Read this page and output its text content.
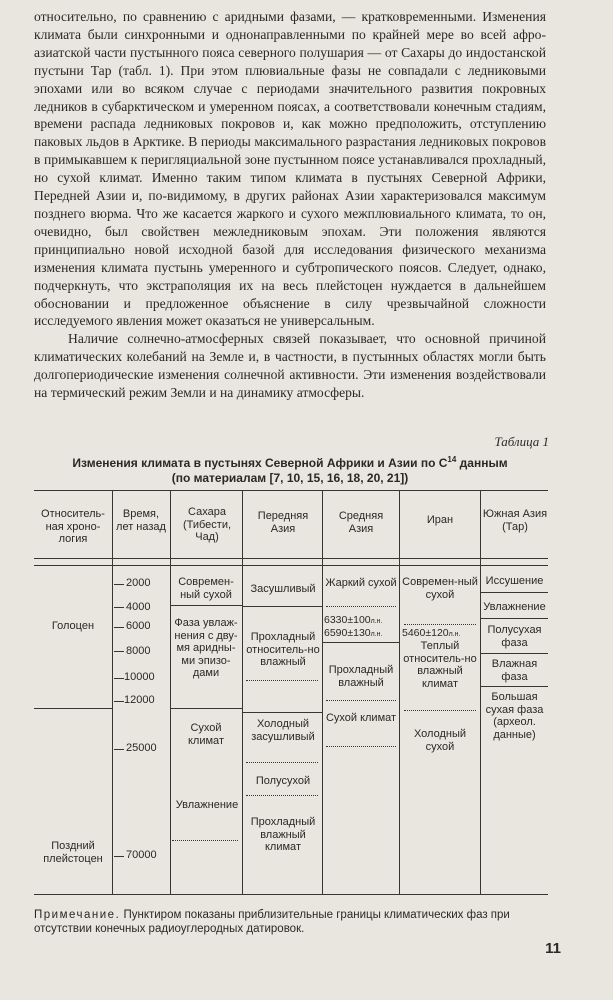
относительно, по сравнению с аридными фазами, — кратковременными. Изменения климата были синхронными и однонаправленными по крайней мере во всей афро-азиатской части пустынного пояса северного полушария — от Сахары до индостанской пустыни Тар (табл. 1). При этом плювиальные фазы не совпадали с ледниковыми эпохами или во всяком случае с периодами значительного развития покровных ледников в субарктическом и умеренном поясах, а соответствовали конечным стадиям, времени распада ледниковых покровов и, как можно предположить, отступлению паковых льдов в Арктике. В периоды максимального разрастания ледниковых покровов в примыкавшем к перигляциальной зоне пустынном поясе устанавливался прохладный, но сухой климат. Именно таким типом климата в пустынях Северной Африки, Передней Азии и, по-видимому, в других районах Азии характеризовался максимум позднего вюрма. Что же касается жаркого и сухого межплювиального климата, то он, очевидно, был свойствен межледниковым эпохам. Эти положения являются принципиально новой исходной базой для исследования физического механизма изменения климата пустынь умеренного и субтропического поясов. Следует, однако, подчеркнуть, что экстраполяция их на весь плейстоцен нуждается в дальнейшем обосновании и предложенное объяснение в силу чрезвычайной сложности исследуемого явления может оказаться не универсальным.

Наличие солнечно-атмосферных связей показывает, что основной причиной климатических колебаний на Земле и, в частности, в пустынных областях могли быть долгопериодические изменения солнечной активности. Эти изменения воздействовали на термический режим Земли и на динамику атмосферы.

Таблица 1
Изменения климата в пустынях Северной Африки и Азии по $C^{14}$ данным
(по материалам [7, 10, 15, 16, 18, 20, 21])
Относитель-ная хроно-логия
Время, лет назад
Сахара (Тибести, Чад)
Передняя Азия
Средняя Азия
Иран	Южная Азия (Тар)
Голоцен
Поздний плейстоцен
2000
4000
6000
8000
10000
12000
25000
70000
Современ-ный сухой
Фаза увлаж-нения с дву-мя аридны-ми эпизо-дами
Сухой климат
Увлажнение
Засушливый
Прохладный относитель-но влажный
Холодный засушливый
Полусухой
Прохладный влажный климат
Жаркий сухой
6330±100л.н.
6590±130л.н.
Прохладный влажный
Сухой климат
Современ-ный сухой
5460±120л.н.
Теплый относитель-но влажный климат
Холодный сухой
Иссушение
Увлажнение
Полусухая фаза
Влажная фаза
Большая сухая фаза (археол. данные)
Примечание. Пунктиром показаны приблизительные границы климатических фаз при отсутствии конечных радиоуглеродных датировок.
11
